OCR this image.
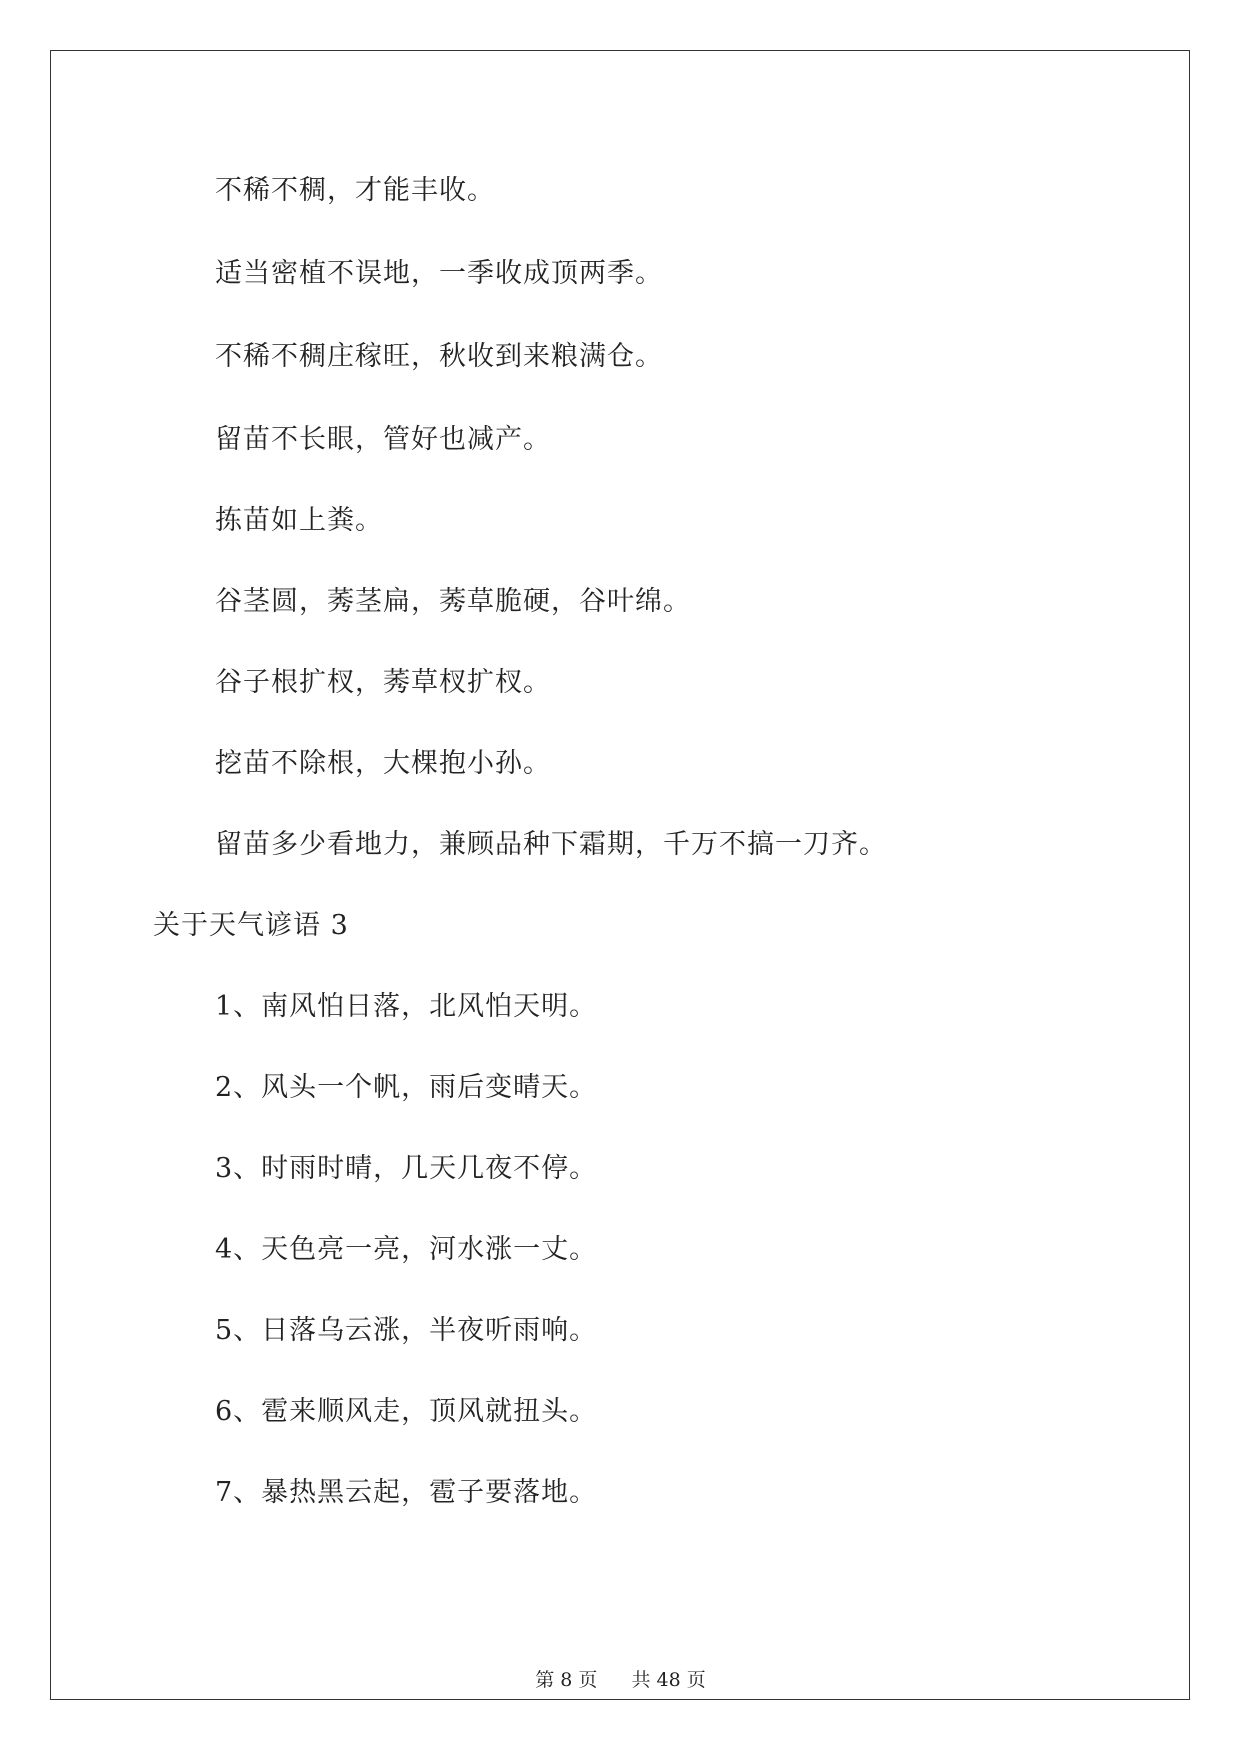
不稀不稠，才能丰收。
适当密植不误地，一季收成顶两季。
不稀不稠庄稼旺，秋收到来粮满仓。
留苗不长眼，管好也减产。
拣苗如上粪。
谷茎圆，莠茎扁，莠草脆硬，谷叶绵。
谷子根扩杈，莠草杈扩杈。
挖苗不除根，大棵抱小孙。
留苗多少看地力，兼顾品种下霜期，千万不搞一刀齐。
关于天气谚语 3
1、南风怕日落，北风怕天明。
2、风头一个帆，雨后变晴天。
3、时雨时晴，几天几夜不停。
4、天色亮一亮，河水涨一丈。
5、日落乌云涨，半夜听雨响。
6、雹来顺风走，顶风就扭头。
7、暴热黑云起，雹子要落地。
第 8 页 共 48 页
